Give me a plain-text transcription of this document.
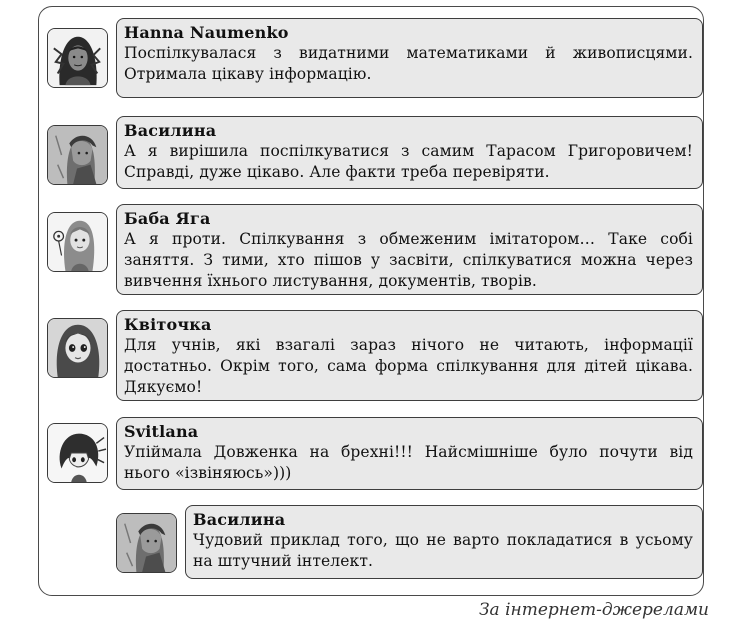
Hanna Naumenko
Поспілкувалася з видатними математиками й живописцями. Отримала цікаву інформацію.
Василина
А я вирішила поспілкуватися з самим Тарасом Григоровичем! Справді, дуже цікаво. Але факти треба перевіряти.
Баба Яга
А я проти. Спілкування з обмеженим імітатором… Таке собі заняття. З тими, хто пішов у засвіти, спілкуватися можна через вивчення їхнього листування, документів, творів.
Квіточка
Для учнів, які взагалі зараз нічого не читають, інформації достатньо. Окрім того, сама форма спілкування для дітей цікава. Дякуємо!
Svitlana
Упіймала Довженка на брехні!!! Найсмішніше було почути від нього «ізвіняюсь»)))
Василина
Чудовий приклад того, що не варто покладатися в усьому на штучний інтелект.
За інтернет-джерелами
